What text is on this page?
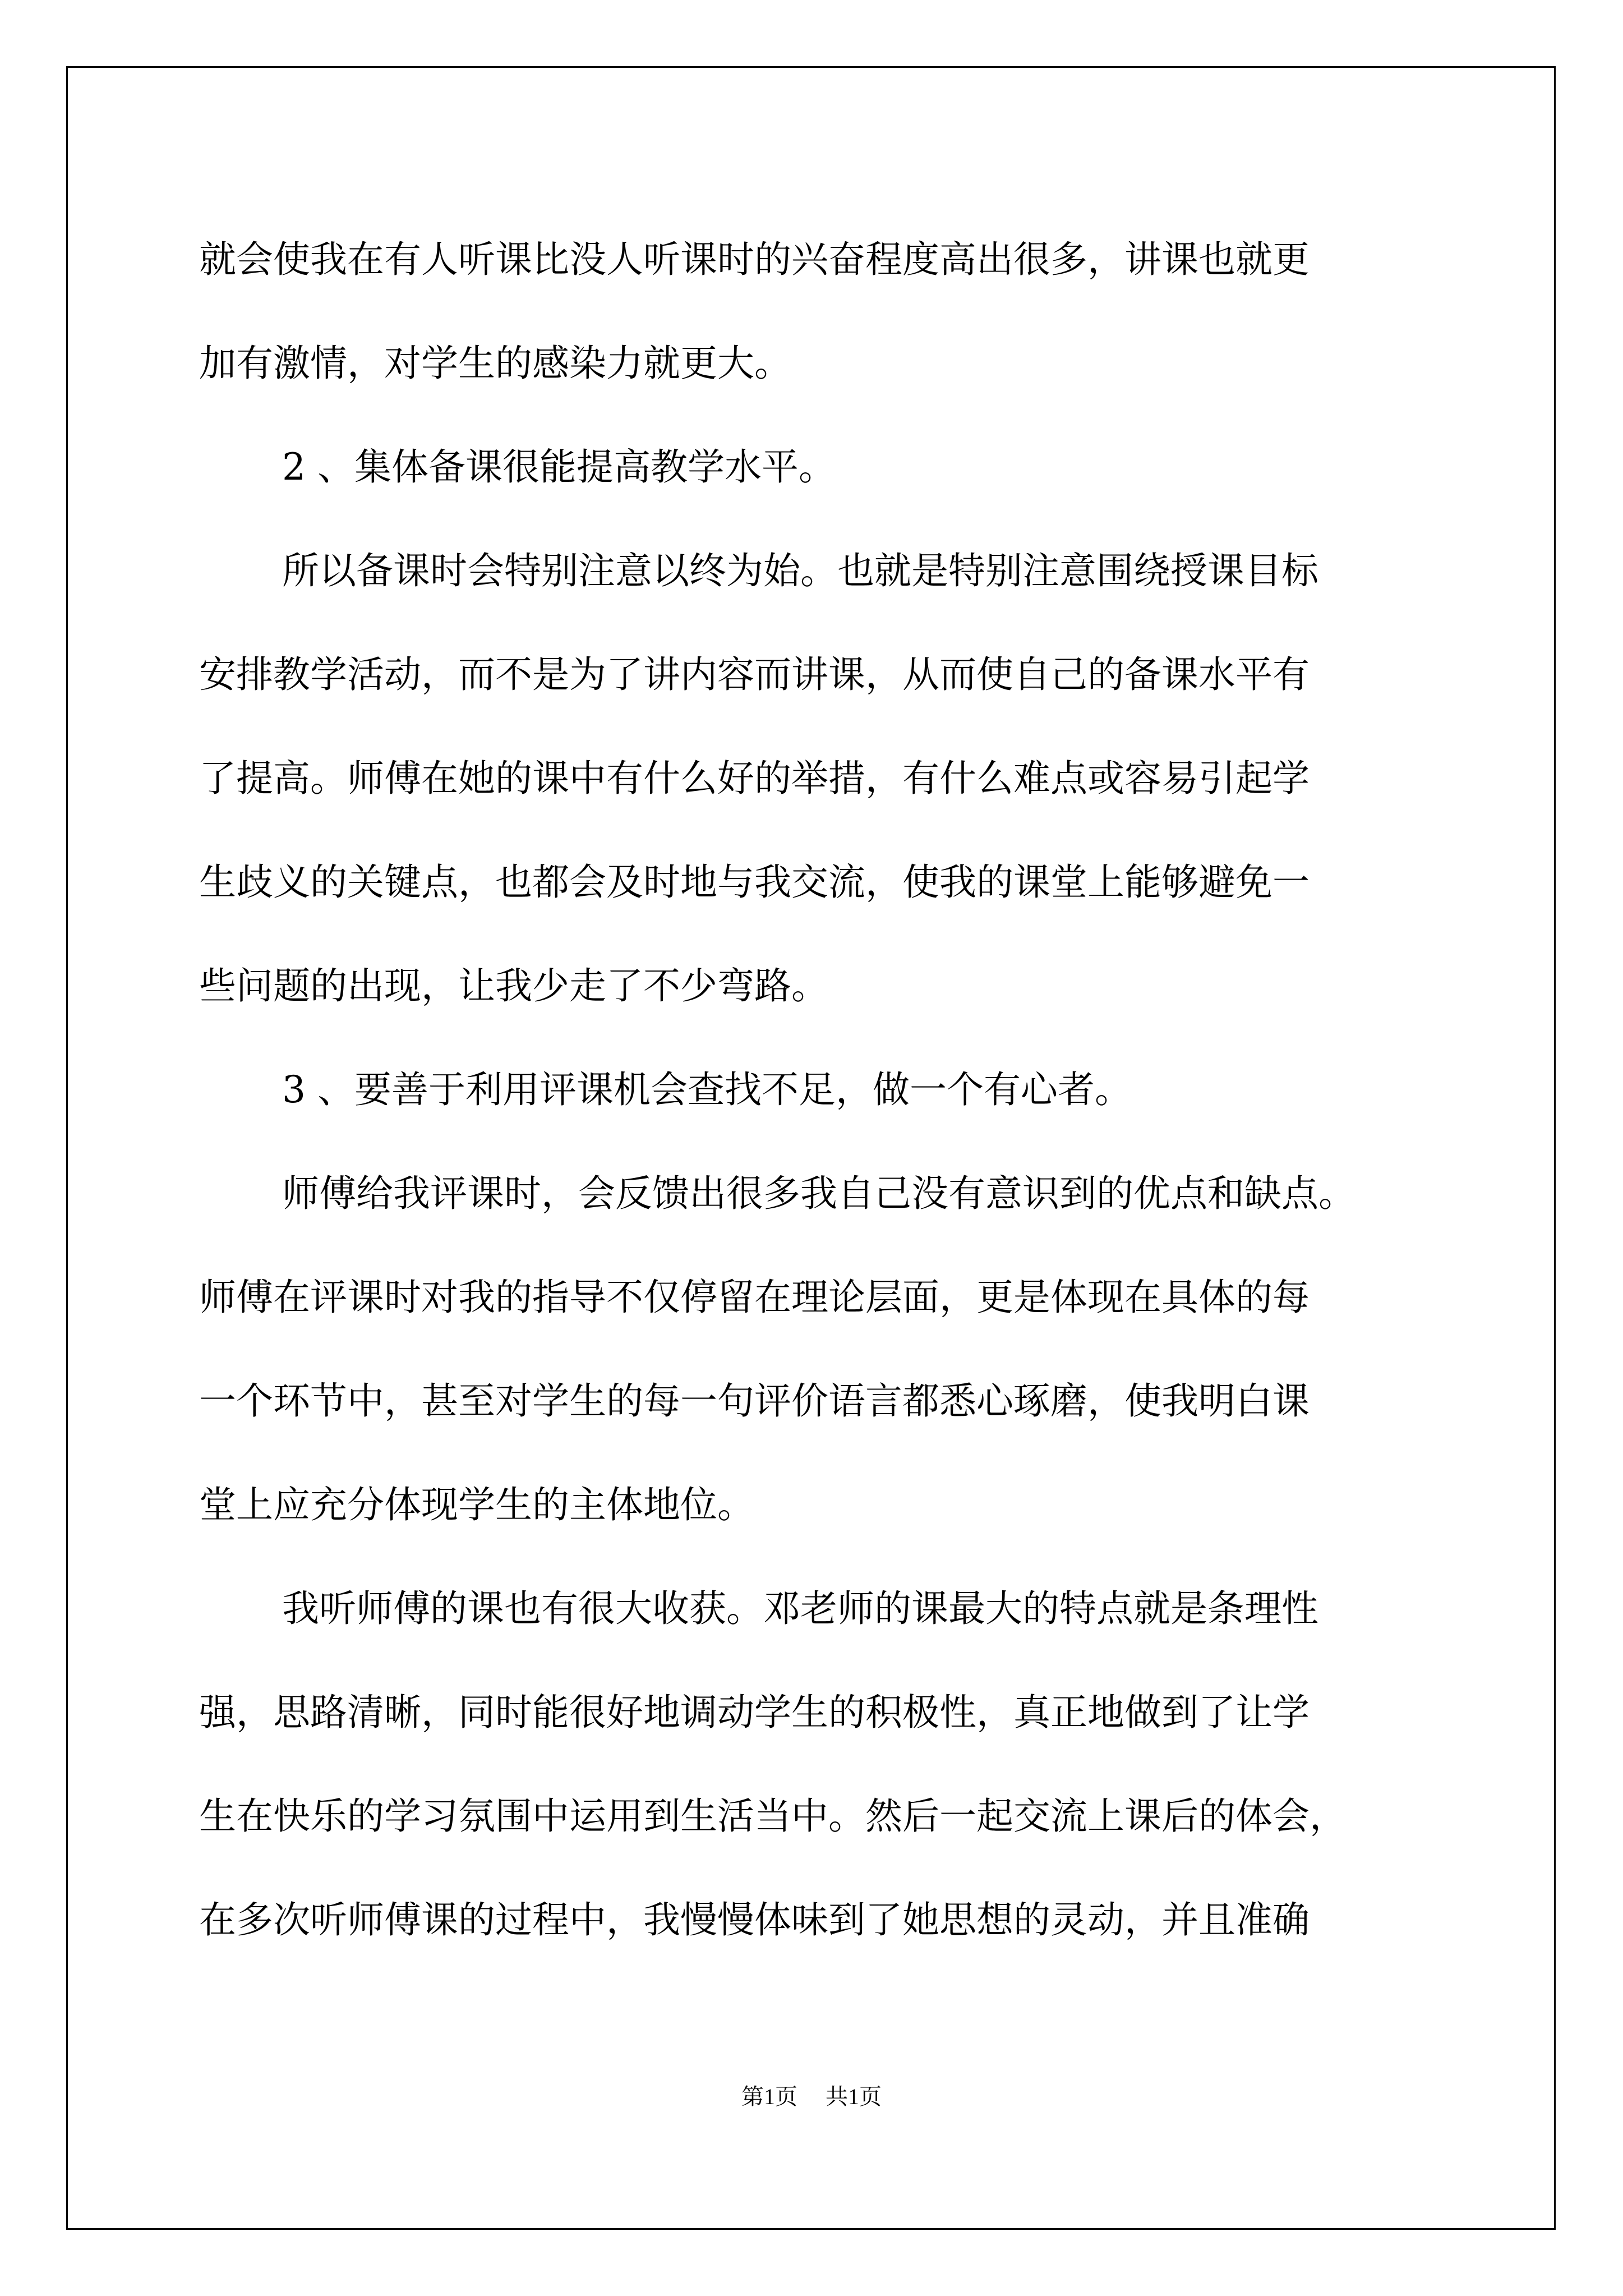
就会使我在有人听课比没人听课时的兴奋程度高出很多，讲课也就更
加有激情，对学生的感染力就更大。
2 、集体备课很能提高教学水平。
所以备课时会特别注意以终为始。也就是特别注意围绕授课目标
安排教学活动，而不是为了讲内容而讲课，从而使自己的备课水平有
了提高。师傅在她的课中有什么好的举措，有什么难点或容易引起学
生歧义的关键点，也都会及时地与我交流，使我的课堂上能够避免一
些问题的出现，让我少走了不少弯路。
3 、要善于利用评课机会查找不足，做一个有心者。
师傅给我评课时，会反馈出很多我自己没有意识到的优点和缺点。
师傅在评课时对我的指导不仅停留在理论层面，更是体现在具体的每
一个环节中，甚至对学生的每一句评价语言都悉心琢磨，使我明白课
堂上应充分体现学生的主体地位。
我听师傅的课也有很大收获。邓老师的课最大的特点就是条理性
强，思路清晰，同时能很好地调动学生的积极性，真正地做到了让学
生在快乐的学习氛围中运用到生活当中。然后一起交流上课后的体会，
在多次听师傅课的过程中，我慢慢体味到了她思想的灵动，并且准确
第1页 共1页
